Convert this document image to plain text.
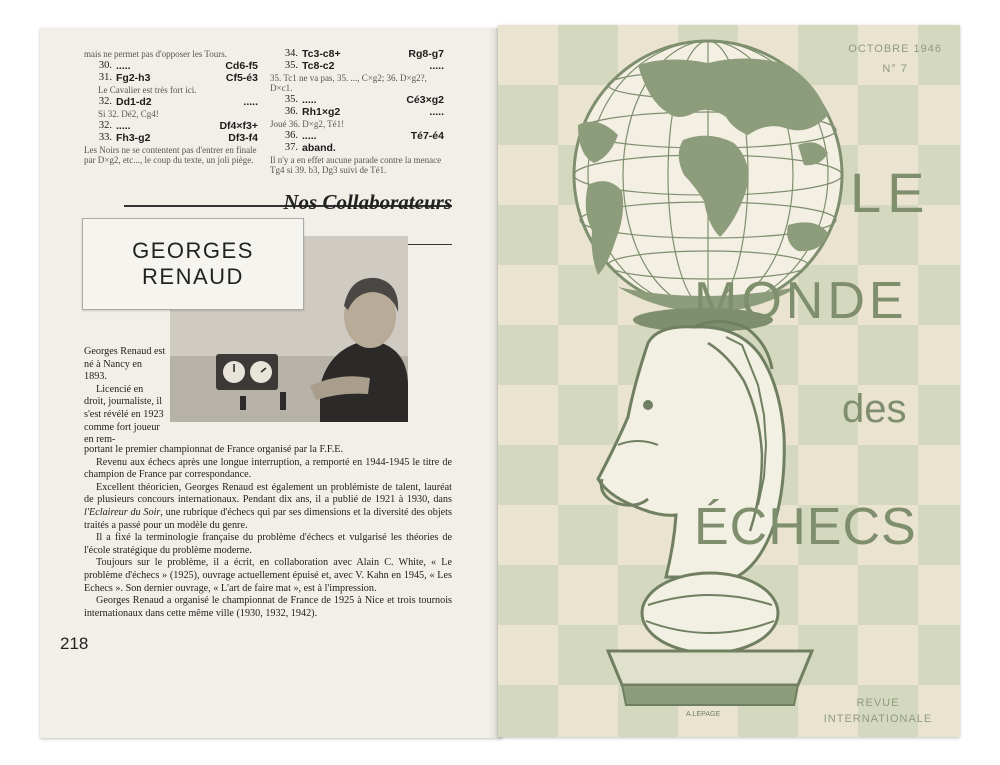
mais ne permet pas d'opposer les Tours.
30. .....	Cd6-f5
31. Fg2-h3	Cf5-é3
Le Cavalier est très fort ici.
32. Dd1-d2	.....
Si 32. Dé2, Cg4!
32. .....	Df4×f3+
33. Fh3-g2	Df3-f4
Les Noirs ne se contentent pas d'entrer en finale par D×g2, etc..., le coup du texte, un joli piège.
34. Tc3-c8+	Rg8-g7
35. Tc8-c2	.....
35. Tc1 ne va pas, 35. ..., C×g2; 36. D×g2?, D×c1.
35. .....	Cé3×g2
36. Rh1×g2	.....
Joué 36. D×g2, Té1!
36. .....	Té7-é4
37. aband.
Il n'y a en effet aucune parade contre la menace Tg4 si 39. b3, Dg3 suivi de Té1.
Nos Collaborateurs
GEORGES
RENAUD

Georges Renaud est né à Nancy en 1893.

Licencié en droit, journaliste, il s'est révélé en 1923 comme fort joueur en rem-

portant le premier championnat de France organisé par la F.F.E.

Revenu aux échecs après une longue interruption, a remporté en 1944-1945 le titre de champion de France par correspondance.

Excellent théoricien, Georges Renaud est également un problémiste de talent, lauréat de plusieurs concours internationaux. Pendant dix ans, il a publié de 1921 à 1930, dans l'Eclaireur du Soir, une rubrique d'échecs qui par ses dimensions et la diversité des objets traités a passé pour un modèle du genre.

Il a fixé la terminologie française du problème d'échecs et vulgarisé les théories de l'école stratégique du problème moderne.

Toujours sur le problème, il a écrit, en collaboration avec Alain C. White, « Le problème d'échecs » (1925), ouvrage actuellement épuisé et, avec V. Kahn en 1945, « Les Echecs ». Son dernier ouvrage, « L'art de faire mat », est à l'impression.

Georges Renaud a organisé le championnat de France de 1925 à Nice et trois tournois internationaux dans cette même ville (1930, 1932, 1942).

218
OCTOBRE 1946
N° 7
LE
MONDE
des
ÉCHECS
REVUE
INTERNATIONALE
A.LEPAGE
